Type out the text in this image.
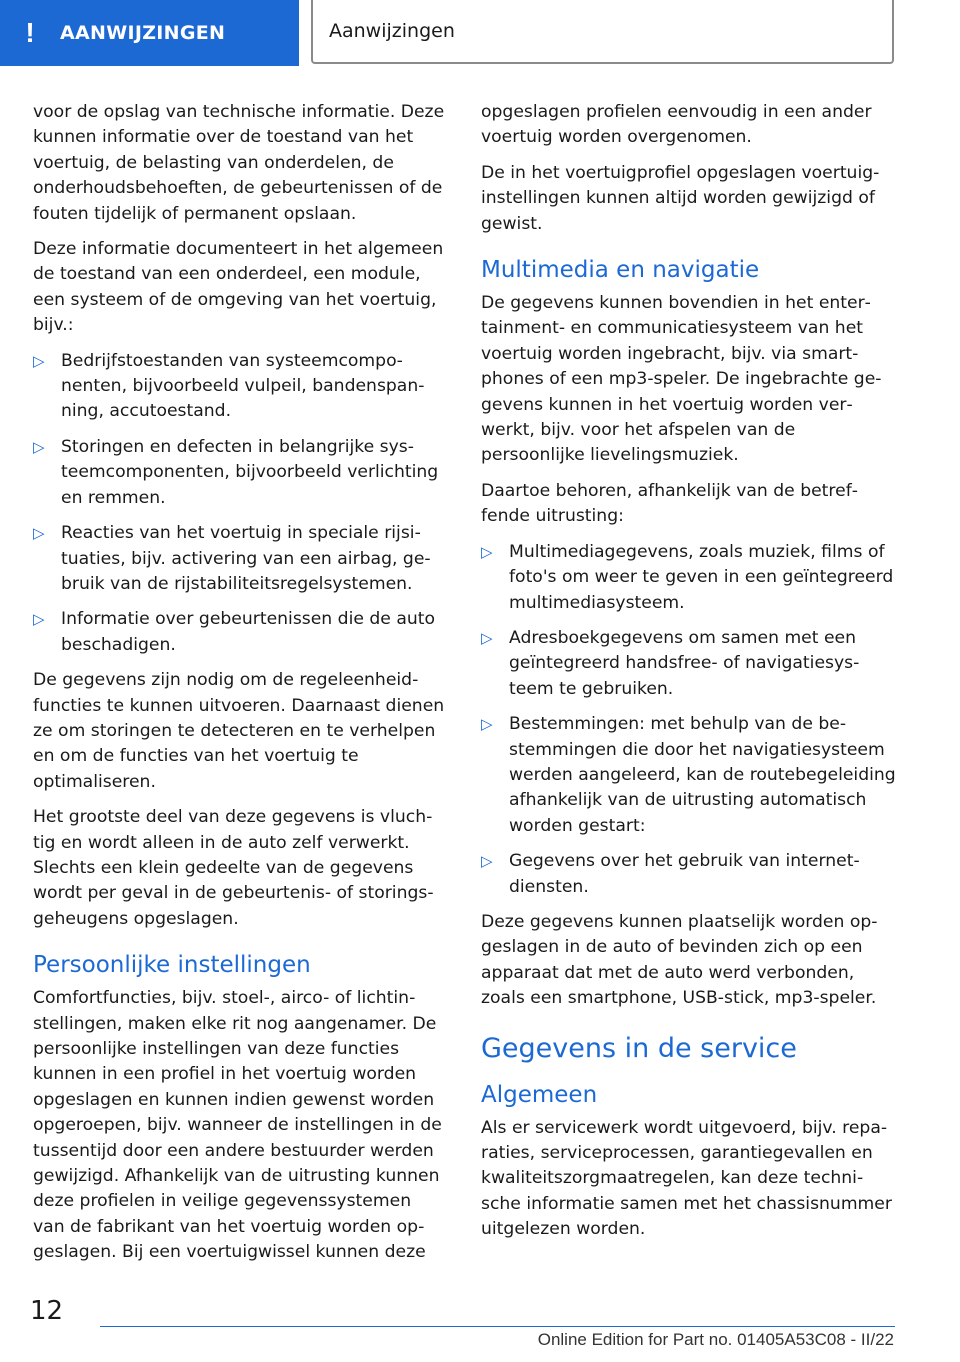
!	AANWIJZINGEN	Aanwijzingen

voor de opslag van technische informatie. Deze kunnen informatie over de toestand van het voertuig, de belasting van onderdelen, de onderhoudsbehoeften, de gebeurtenissen of de fouten tijdelijk of permanent opslaan.

Deze informatie documenteert in het algemeen de toestand van een onderdeel, een module, een systeem of de omgeving van het voertuig, bijv.:

▷ Bedrijfstoestanden van systeemcomponenten, bijvoorbeeld vulpeil, bandenspanning, accutoestand.
▷ Storingen en defecten in belangrijke systeemcomponenten, bijvoorbeeld verlichting en remmen.
▷ Reacties van het voertuig in speciale rijsituaties, bijv. activering van een airbag, gebruik van de rijstabiliteitsregelsystemen.
▷ Informatie over gebeurtenissen die de auto beschadigen.

De gegevens zijn nodig om de regeleenheidfuncties te kunnen uitvoeren. Daarnaast dienen ze om storingen te detecteren en te verhelpen en om de functies van het voertuig te optimaliseren.

Het grootste deel van deze gegevens is vluchtig en wordt alleen in de auto zelf verwerkt. Slechts een klein gedeelte van de gegevens wordt per geval in de gebeurtenis- of storingsgeheugens opgeslagen.

Persoonlijke instellingen

Comfortfuncties, bijv. stoel-, airco- of lichtinstellingen, maken elke rit nog aangenamer. De persoonlijke instellingen van deze functies kunnen in een profiel in het voertuig worden opgeslagen en kunnen indien gewenst worden opgeroepen, bijv. wanneer de instellingen in de tussentijd door een andere bestuurder werden gewijzigd. Afhankelijk van de uitrusting kunnen deze profielen in veilige gegevenssystemen van de fabrikant van het voertuig worden opgeslagen. Bij een voertuigwissel kunnen deze

opgeslagen profielen eenvoudig in een ander voertuig worden overgenomen.

De in het voertuigprofiel opgeslagen voertuiginstellingen kunnen altijd worden gewijzigd of gewist.

Multimedia en navigatie

De gegevens kunnen bovendien in het entertainment- en communicatiesysteem van het voertuig worden ingebracht, bijv. via smartphones of een mp3-speler. De ingebrachte gegevens kunnen in het voertuig worden verwerkt, bijv. voor het afspelen van de persoonlijke lievelingsmuziek.

Daartoe behoren, afhankelijk van de betreffende uitrusting:

▷ Multimediagegevens, zoals muziek, films of foto's om weer te geven in een geïntegreerd multimediasysteem.
▷ Adresboekgegevens om samen met een geïntegreerd handsfree- of navigatiesysteem te gebruiken.
▷ Bestemmingen: met behulp van de bestemmingen die door het navigatiesysteem werden aangeleerd, kan de routebegeleiding afhankelijk van de uitrusting automatisch worden gestart:
▷ Gegevens over het gebruik van internetdiensten.

Deze gegevens kunnen plaatselijk worden opgeslagen in de auto of bevinden zich op een apparaat dat met de auto werd verbonden, zoals een smartphone, USB-stick, mp3-speler.

Gegevens in de service
Algemeen

Als er servicewerk wordt uitgevoerd, bijv. reparaties, serviceprocessen, garantiegevallen en kwaliteitszorgmaatregelen, kan deze technische informatie samen met het chassisnummer uitgelezen worden.

12
Online Edition for Part no. 01405A53C08 - II/22
